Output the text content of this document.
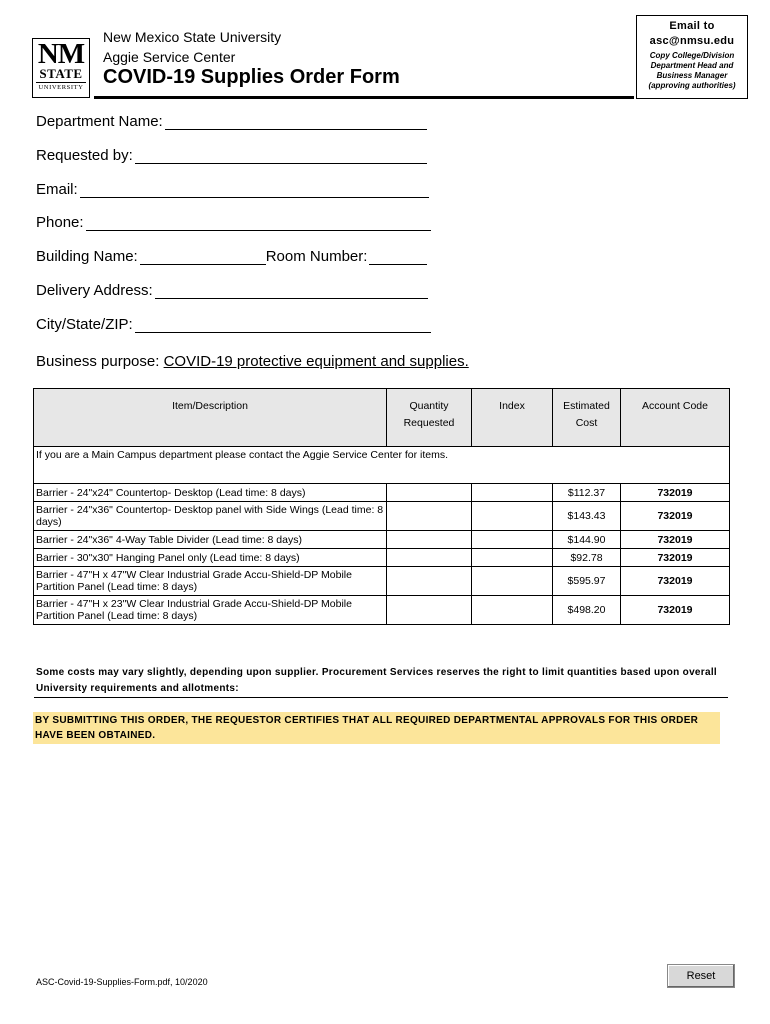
NM
STATE
UNIVERSITY
New Mexico State University
Aggie Service Center
COVID-19 Supplies Order Form
Email to
asc@nmsu.edu
Copy College/Division Department Head and Business Manager (approving authorities)
Department Name:
Requested by:
Email:
Phone:
Building Name:	Room Number:
Delivery Address:
City/State/ZIP:
Business purpose: COVID-19 protective equipment and supplies.
Item/Description	Quantity Requested	Index	Estimated Cost	Account Code
If you are a Main Campus department please contact the Aggie Service Center for items.				
Barrier - 24"x24" Countertop- Desktop (Lead time: 8 days)			$112.37	732019
Barrier - 24"x36" Countertop- Desktop panel with Side Wings (Lead time: 8 days)			$143.43	732019
Barrier - 24"x36" 4-Way Table Divider (Lead time: 8 days)			$144.90	732019
Barrier - 30"x30" Hanging Panel only (Lead time: 8 days)			$92.78	732019
Barrier - 47"H x 47"W Clear Industrial Grade Accu-Shield-DP Mobile Partition Panel (Lead time: 8 days)			$595.97	732019
Barrier - 47"H x 23"W Clear Industrial Grade Accu-Shield-DP Mobile Partition Panel (Lead time: 8 days)			$498.20	732019
Some costs may vary slightly, depending upon supplier. Procurement Services reserves the right to limit quantities based upon overall University requirements and allotments:
BY SUBMITTING THIS ORDER, THE REQUESTOR CERTIFIES THAT ALL REQUIRED DEPARTMENTAL APPROVALS FOR THIS ORDER HAVE BEEN OBTAINED.
ASC-Covid-19-Supplies-Form.pdf, 10/2020	Reset
